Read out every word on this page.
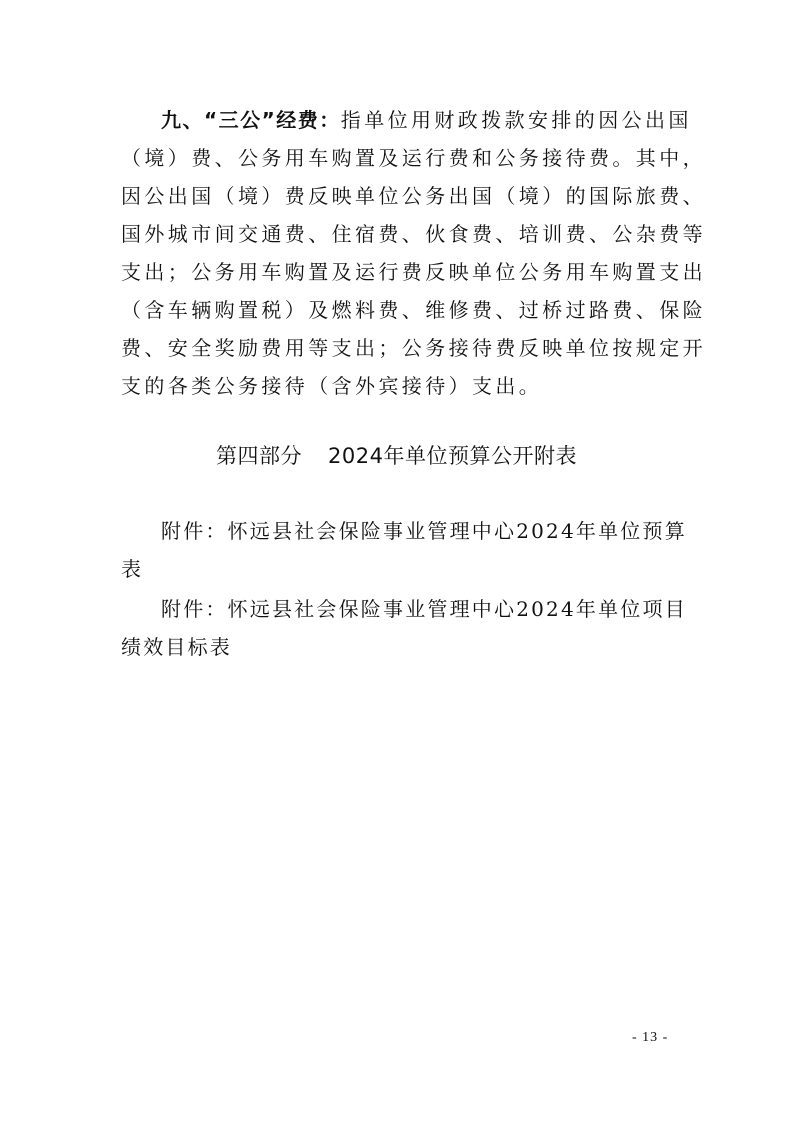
九、“三公”经费：指单位用财政拨款安排的因公出国
（境）费、公务用车购置及运行费和公务接待费。其中，
因公出国（境）费反映单位公务出国（境）的国际旅费、
国外城市间交通费、住宿费、伙食费、培训费、公杂费等
支出；公务用车购置及运行费反映单位公务用车购置支出
（含车辆购置税）及燃料费、维修费、过桥过路费、保险
费、安全奖励费用等支出；公务接待费反映单位按规定开
支的各类公务接待（含外宾接待）支出。
第四部分 2024年单位预算公开附表
附件：怀远县社会保险事业管理中心2024年单位预算
表
附件：怀远县社会保险事业管理中心2024年单位项目
绩效目标表
- 13 -
